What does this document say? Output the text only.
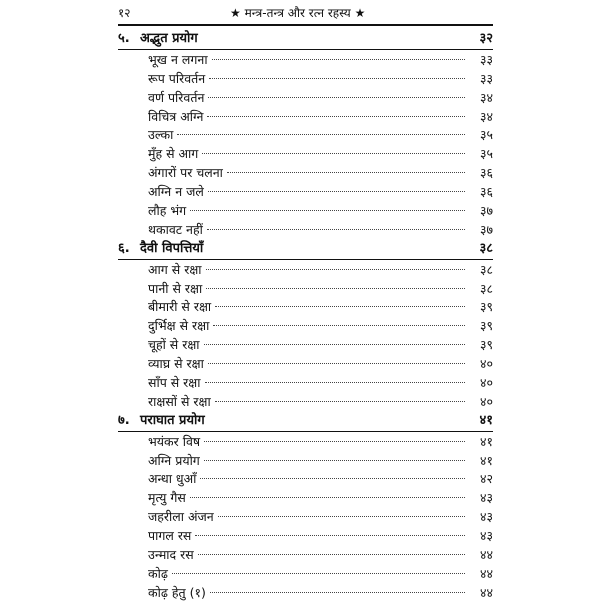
१२	★ मन्त्र-तन्त्र और रत्न रहस्य ★
५. अद्भुत प्रयोग	३२
भूख न लगना	३३
रूप परिवर्तन	३३
वर्ण परिवर्तन	३४
विचित्र अग्नि	३४
उल्का	३५
मुँह से आग	३५
अंगारों पर चलना	३६
अग्नि न जले	३६
लौह भंग	३७
थकावट नहीं	३७
६. दैवी विपत्तियाँ	३८
आग से रक्षा	३८
पानी से रक्षा	३८
बीमारी से रक्षा	३९
दुर्भिक्ष से रक्षा	३९
चूहों से रक्षा	३९
व्याघ्र से रक्षा	४०
साँप से रक्षा	४०
राक्षसों से रक्षा	४०
७. पराघात प्रयोग	४१
भयंकर विष	४१
अग्नि प्रयोग	४१
अन्धा धुआँ	४२
मृत्यु गैस	४३
जहरीला अंजन	४३
पागल रस	४३
उन्माद रस	४४
कोढ़	४४
कोढ़ हेतु (१)	४४
